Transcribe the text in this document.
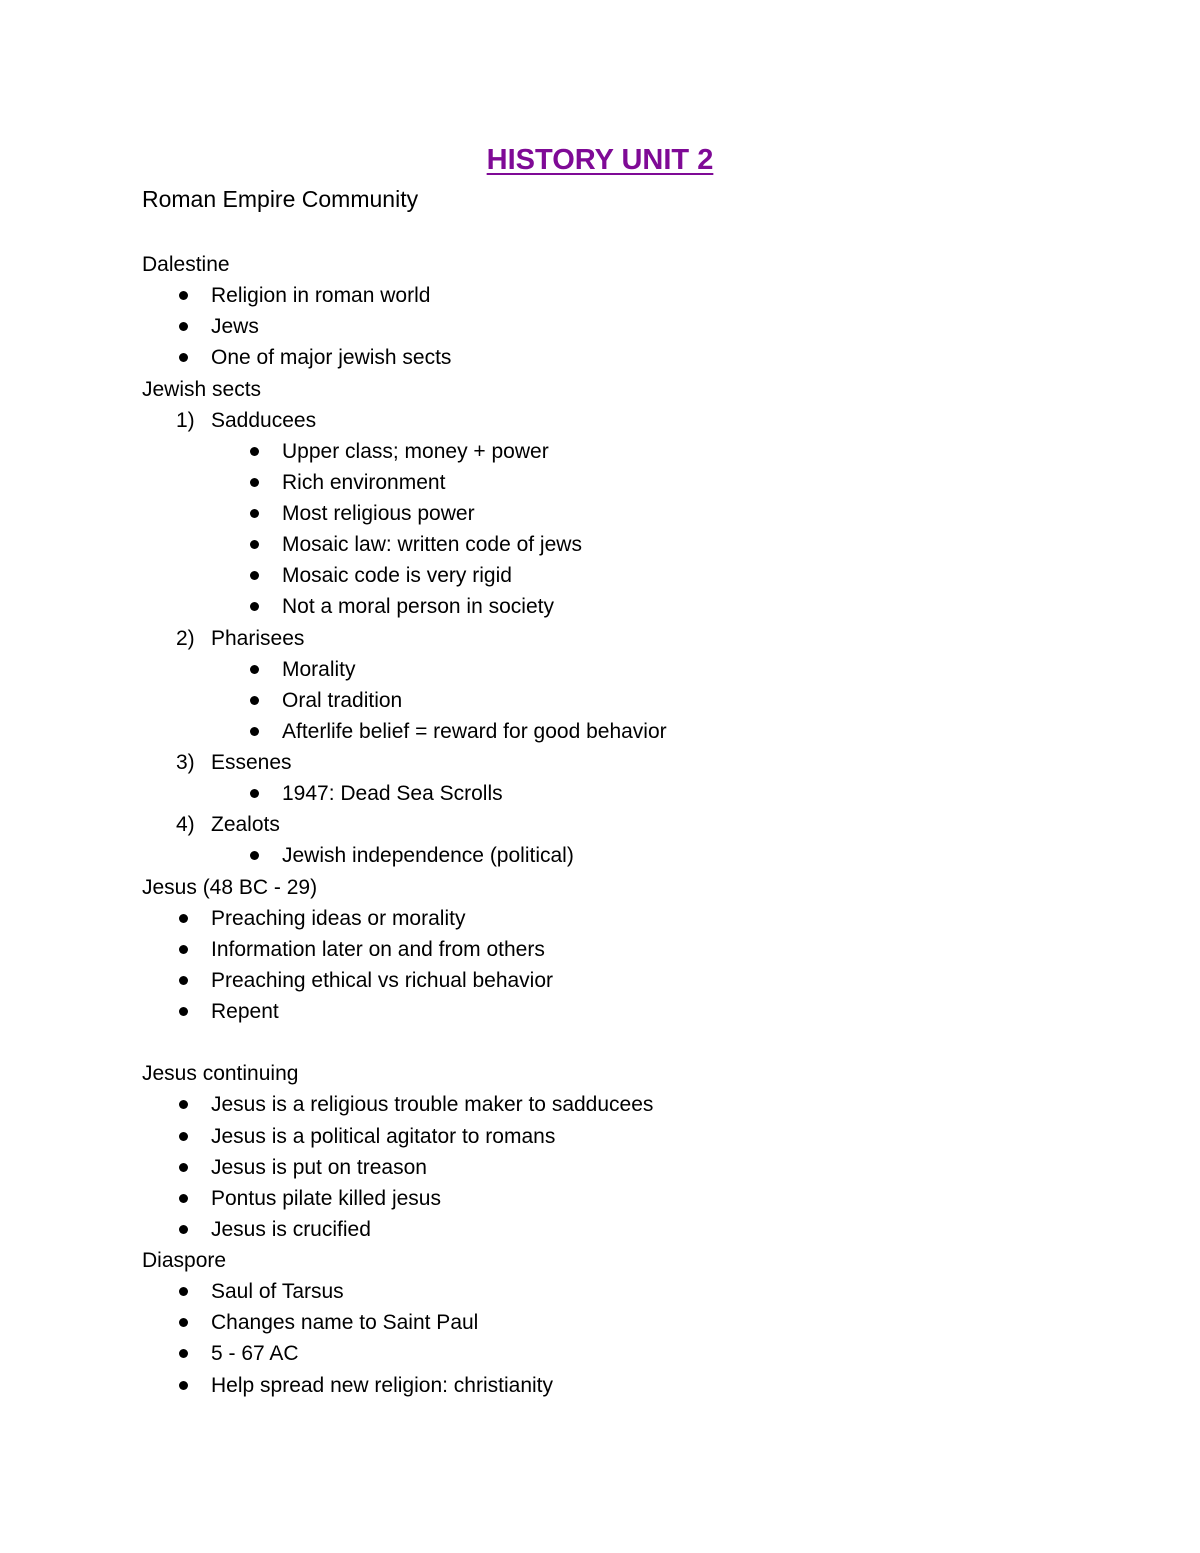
HISTORY UNIT 2
Roman Empire Community
Dalestine
Religion in roman world
Jews
One of major jewish sects
Jewish sects
1) Sadducees
Upper class; money + power
Rich environment
Most religious power
Mosaic law: written code of jews
Mosaic code is very rigid
Not a moral person in society
2) Pharisees
Morality
Oral tradition
Afterlife belief = reward for good behavior
3) Essenes
1947: Dead Sea Scrolls
4) Zealots
Jewish independence (political)
Jesus (48 BC - 29)
Preaching ideas or morality
Information later on and from others
Preaching ethical vs richual behavior
Repent
Jesus continuing
Jesus is a religious trouble maker to sadducees
Jesus is a political agitator to romans
Jesus is put on treason
Pontus pilate killed jesus
Jesus is crucified
Diaspore
Saul of Tarsus
Changes name to Saint Paul
5 - 67 AC
Help spread new religion: christianity
